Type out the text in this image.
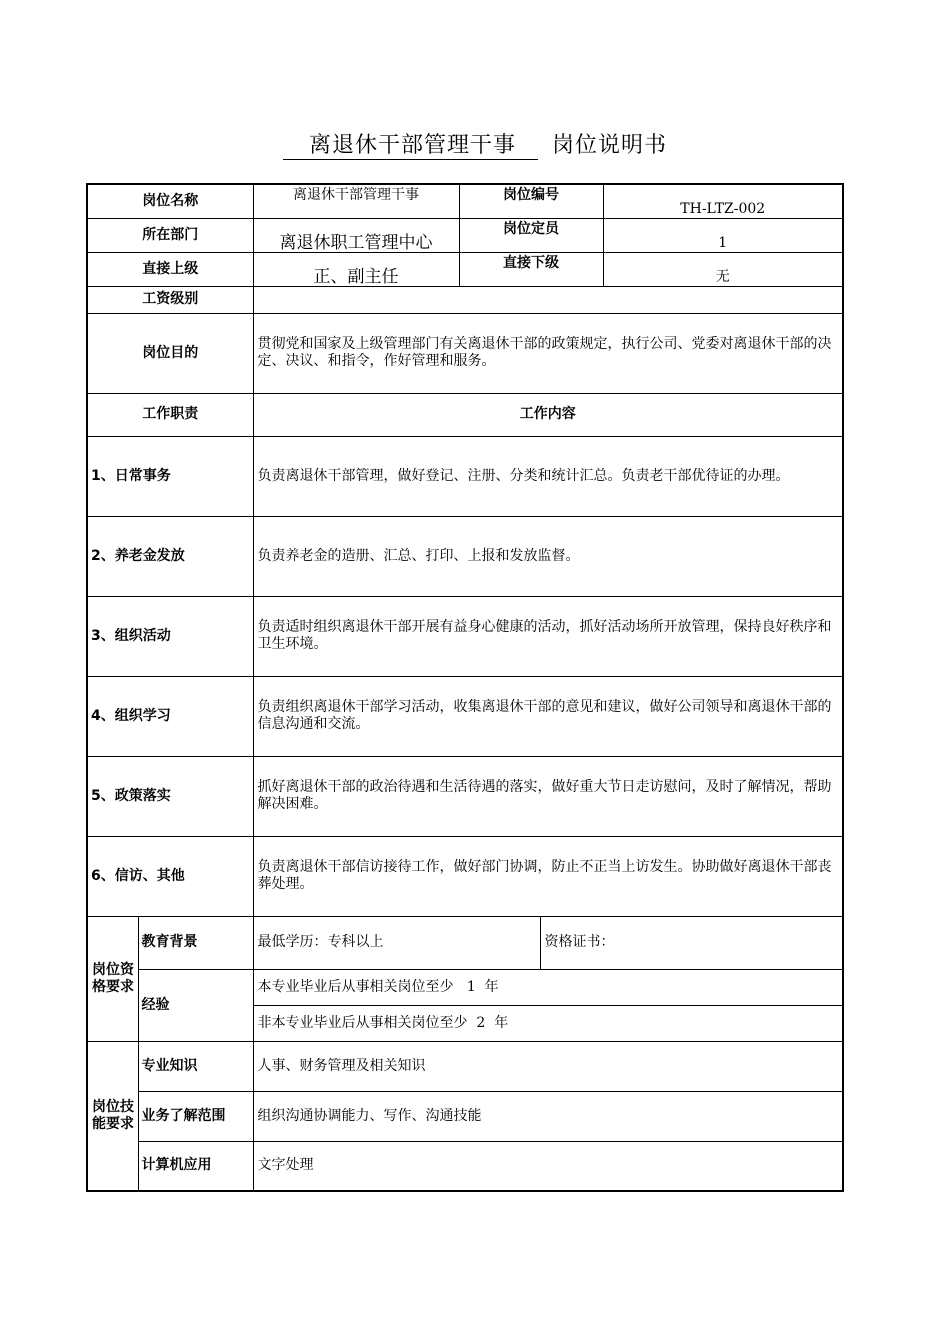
离退休干部管理干事 岗位说明书
岗位名称		离退休干部管理干事	岗位编号		TH-LTZ-002
所在部门		离退休职工管理中心	岗位定员		1
直接上级		正、副主任	直接下级		无
工资级别					
岗位目的		贯彻党和国家及上级管理部门有关离退休干部的政策规定，执行公司、党委对离退休干部的决定、决议、和指令，作好管理和服务。			
工作职责		工作内容			
1、日常事务		负责离退休干部管理，做好登记、注册、分类和统计汇总。负责老干部优待证的办理。			
2、养老金发放		负责养老金的造册、汇总、打印、上报和发放监督。			
3、组织活动		负责适时组织离退休干部开展有益身心健康的活动，抓好活动场所开放管理，保持良好秩序和卫生环境。			
4、组织学习		负责组织离退休干部学习活动，收集离退休干部的意见和建议，做好公司领导和离退休干部的信息沟通和交流。			
5、政策落实		抓好离退休干部的政治待遇和生活待遇的落实，做好重大节日走访慰问，及时了解情况，帮助解决困难。			
6、信访、其他		负责离退休干部信访接待工作，做好部门协调，防止不正当上访发生。协助做好离退休干部丧葬处理。			
岗位资格要求	教育背景	最低学历：专科以上		资格证书：	
	经验	本专业毕业后从事相关岗位至少   1  年			
		非本专业毕业后从事相关岗位至少  2  年			
岗位技能要求	专业知识	人事、财务管理及相关知识			
	业务了解范围	组织沟通协调能力、写作、沟通技能			
	计算机应用	文字处理			
